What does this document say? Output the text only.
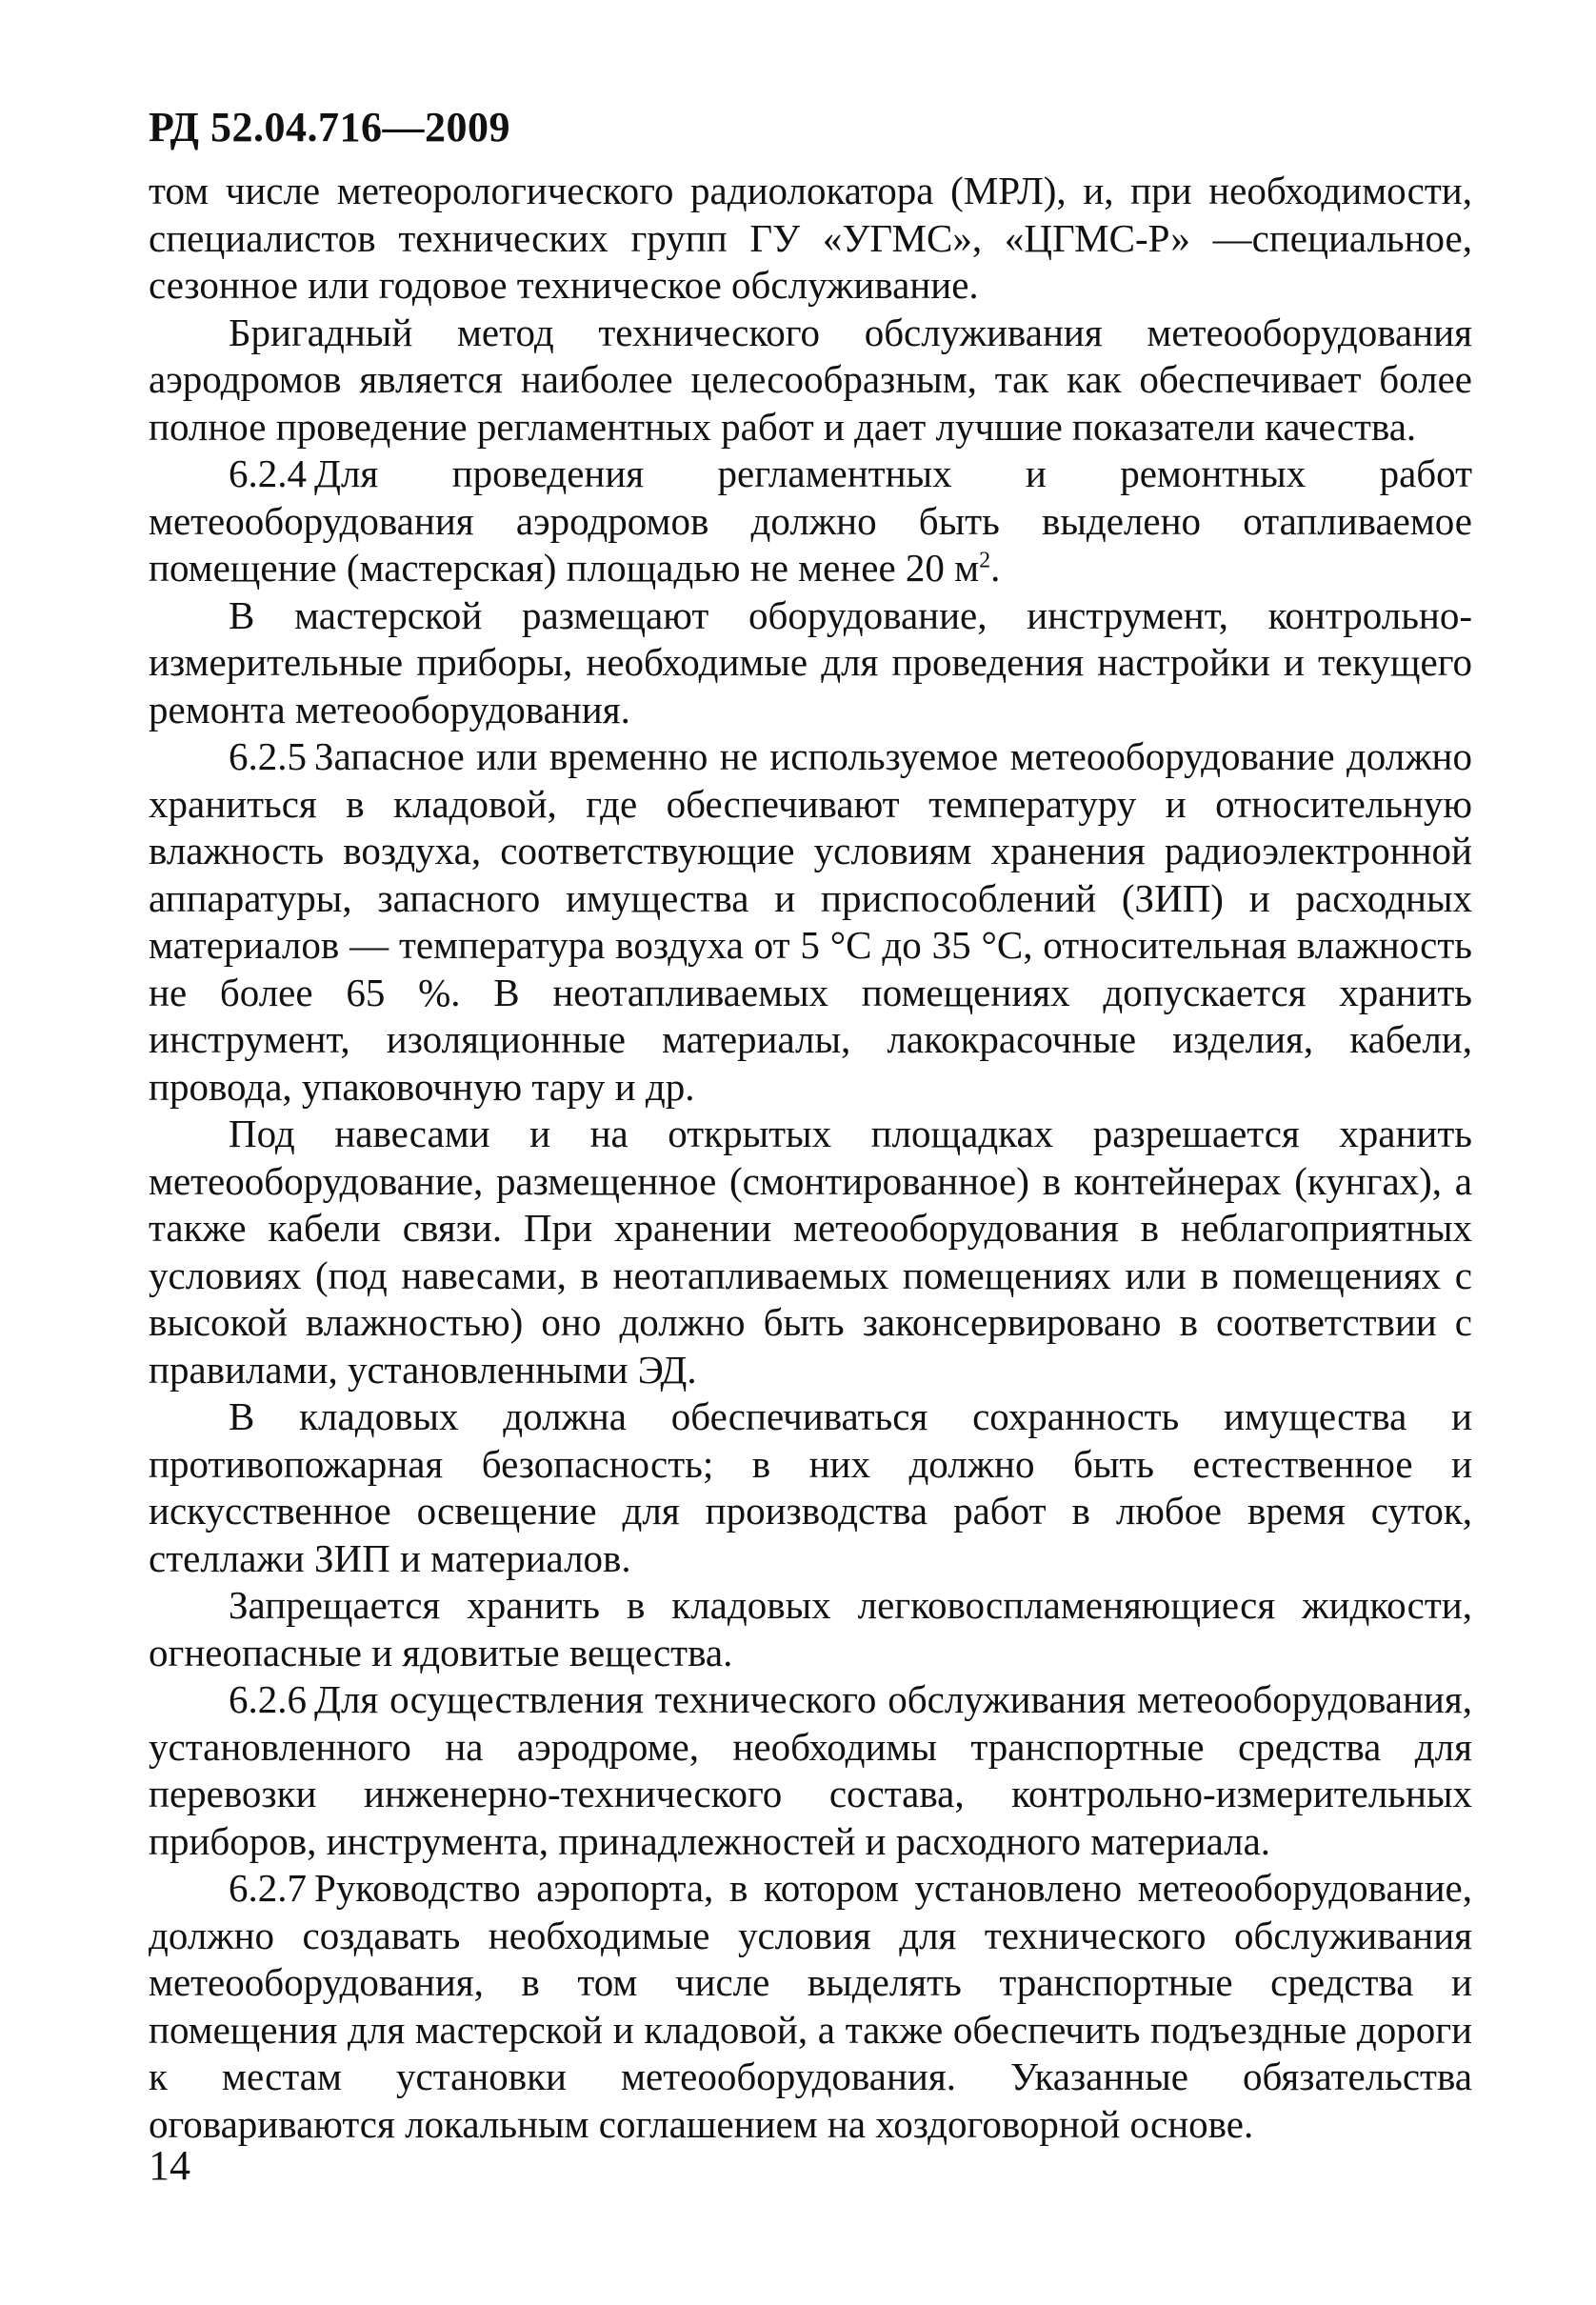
РД 52.04.716—2009

том числе метеорологического радиолокатора (МРЛ), и, при необходимости, специалистов технических групп ГУ «УГМС», «ЦГМС-Р» —специальное, сезонное или годовое техническое обслуживание.

Бригадный метод технического обслуживания метеооборудования аэродромов является наиболее целесообразным, так как обеспечивает более полное проведение регламентных работ и дает лучшие показатели качества.

6.2.4 Для проведения регламентных и ремонтных работ метеооборудования аэродромов должно быть выделено отапливаемое помещение (мастерская) площадью не менее 20 $м^2$.

В мастерской размещают оборудование, инструмент, контрольно-измерительные приборы, необходимые для проведения настройки и текущего ремонта метеооборудования.

6.2.5 Запасное или временно не используемое метеооборудование должно храниться в кладовой, где обеспечивают температуру и относительную влажность воздуха, соответствующие условиям хранения радиоэлектронной аппаратуры, запасного имущества и приспособлений (ЗИП) и расходных материалов — температура воздуха от 5 °С до 35 °С, относительная влажность не более 65 %. В неотапливаемых помещениях допускается хранить инструмент, изоляционные материалы, лакокрасочные изделия, кабели, провода, упаковочную тару и др.

Под навесами и на открытых площадках разрешается хранить метеооборудование, размещенное (смонтированное) в контейнерах (кунгах), а также кабели связи. При хранении метеооборудования в неблагоприятных условиях (под навесами, в неотапливаемых помещениях или в помещениях с высокой влажностью) оно должно быть законсервировано в соответствии с правилами, установленными ЭД.

В кладовых должна обеспечиваться сохранность имущества и противопожарная безопасность; в них должно быть естественное и искусственное освещение для производства работ в любое время суток, стеллажи ЗИП и материалов.

Запрещается хранить в кладовых легковоспламеняющиеся жидкости, огнеопасные и ядовитые вещества.

6.2.6 Для осуществления технического обслуживания метеооборудования, установленного на аэродроме, необходимы транспортные средства для перевозки инженерно-технического состава, контрольно-измерительных приборов, инструмента, принадлежностей и расходного материала.

6.2.7 Руководство аэропорта, в котором установлено метеооборудование, должно создавать необходимые условия для технического обслуживания метеооборудования, в том числе выделять транспортные средства и помещения для мастерской и кладовой, а также обеспечить подъездные дороги к местам установки метеооборудования. Указанные обязательства оговариваются локальным соглашением на хоздоговорной основе.

14
